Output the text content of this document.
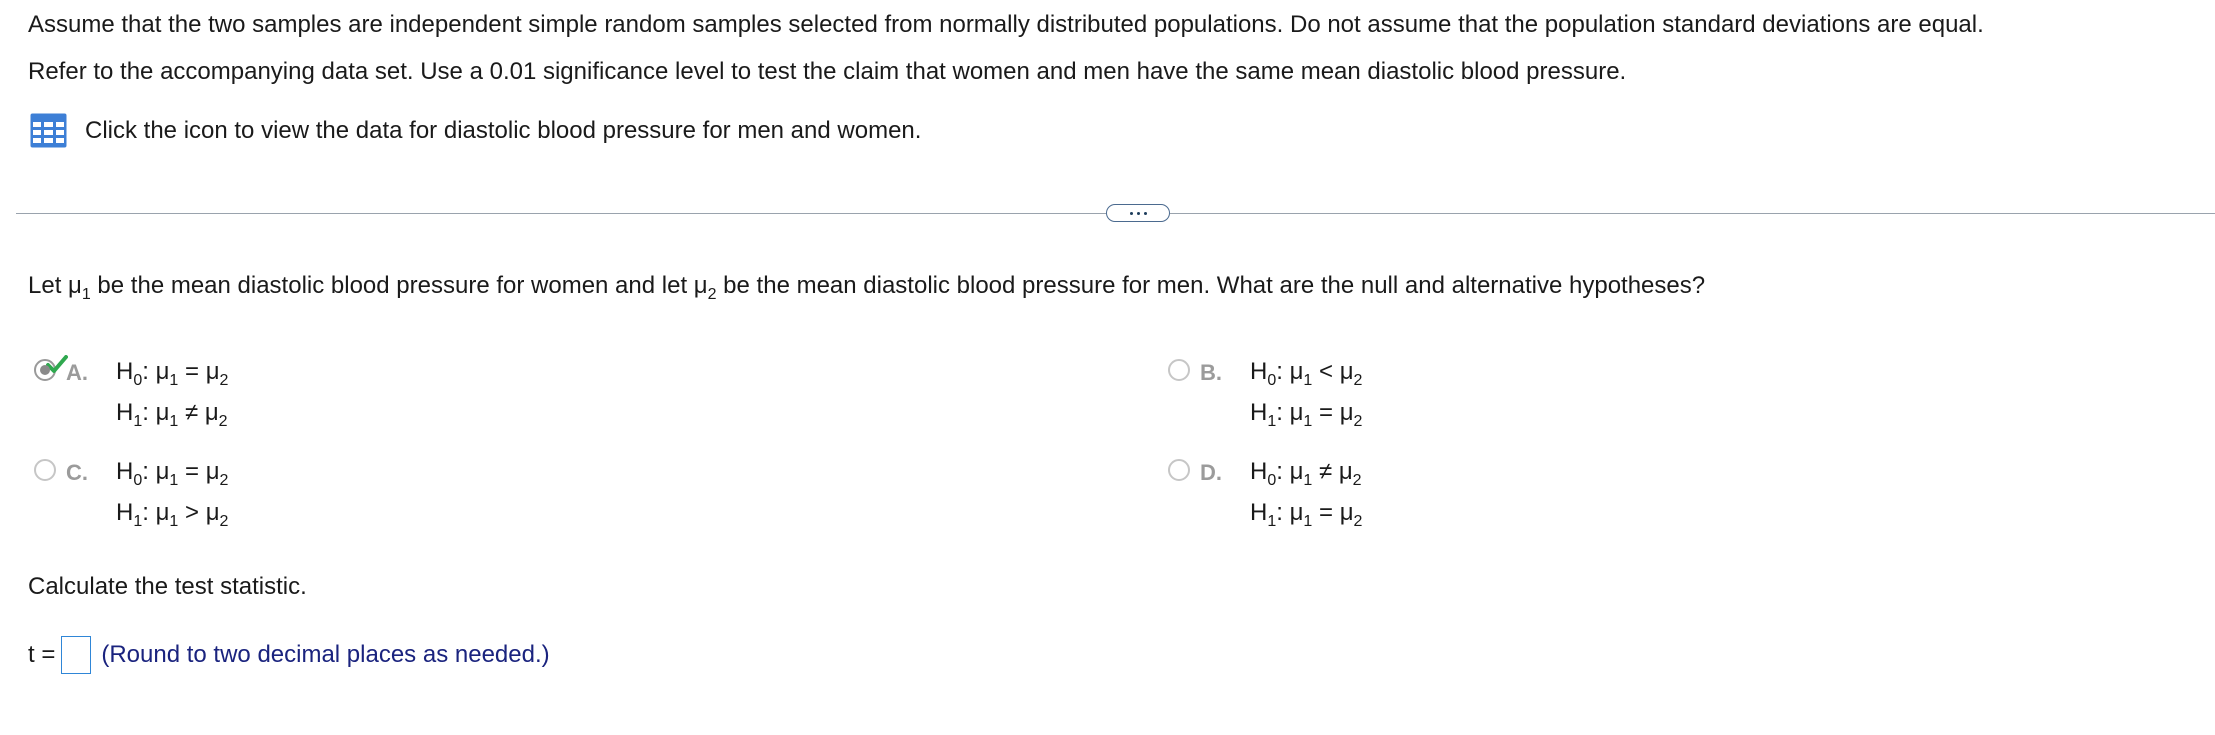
Assume that the two samples are independent simple random samples selected from normally distributed populations. Do not assume that the population standard deviations are equal.
Refer to the accompanying data set. Use a 0.01 significance level to test the claim that women and men have the same mean diastolic blood pressure.
Click the icon to view the data for diastolic blood pressure for men and women.
Let $\mu_1$ be the mean diastolic blood pressure for women and let $\mu_2$ be the mean diastolic blood pressure for men. What are the null and alternative hypotheses?
A.	$H_0$: $\mu_1 = \mu_2$
$H_1$: $\mu_1 \ne \mu_2$
B.	$H_0$: $\mu_1 < \mu_2$
$H_1$: $\mu_1 = \mu_2$
C.	$H_0$: $\mu_1 = \mu_2$
$H_1$: $\mu_1 > \mu_2$
D.	$H_0$: $\mu_1 \ne \mu_2$
$H_1$: $\mu_1 = \mu_2$
Calculate the test statistic.
t = (Round to two decimal places as needed.)
